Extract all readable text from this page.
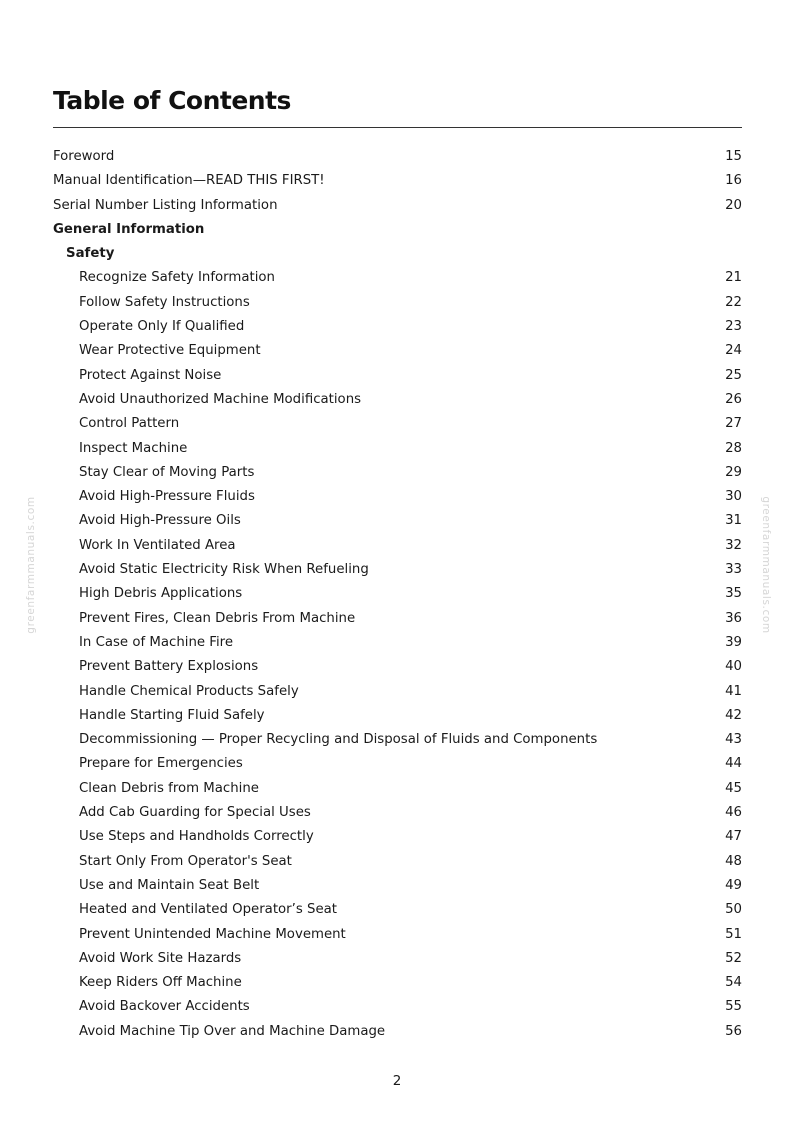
Table of Contents
Foreword	15
Manual Identification—READ THIS FIRST!	16
Serial Number Listing Information	20
General Information
Safety
Recognize Safety Information	21
Follow Safety Instructions	22
Operate Only If Qualified	23
Wear Protective Equipment	24
Protect Against Noise	25
Avoid Unauthorized Machine Modifications	26
Control Pattern	27
Inspect Machine	28
Stay Clear of Moving Parts	29
Avoid High-Pressure Fluids	30
Avoid High-Pressure Oils	31
Work In Ventilated Area	32
Avoid Static Electricity Risk When Refueling	33
High Debris Applications	35
Prevent Fires, Clean Debris From Machine	36
In Case of Machine Fire	39
Prevent Battery Explosions	40
Handle Chemical Products Safely	41
Handle Starting Fluid Safely	42
Decommissioning — Proper Recycling and Disposal of Fluids and Components	43
Prepare for Emergencies	44
Clean Debris from Machine	45
Add Cab Guarding for Special Uses	46
Use Steps and Handholds Correctly	47
Start Only From Operator's Seat	48
Use and Maintain Seat Belt	49
Heated and Ventilated Operator’s Seat	50
Prevent Unintended Machine Movement	51
Avoid Work Site Hazards	52
Keep Riders Off Machine	54
Avoid Backover Accidents	55
Avoid Machine Tip Over and Machine Damage	56
greenfarmmanuals.com	greenfarmmanuals.com
2
